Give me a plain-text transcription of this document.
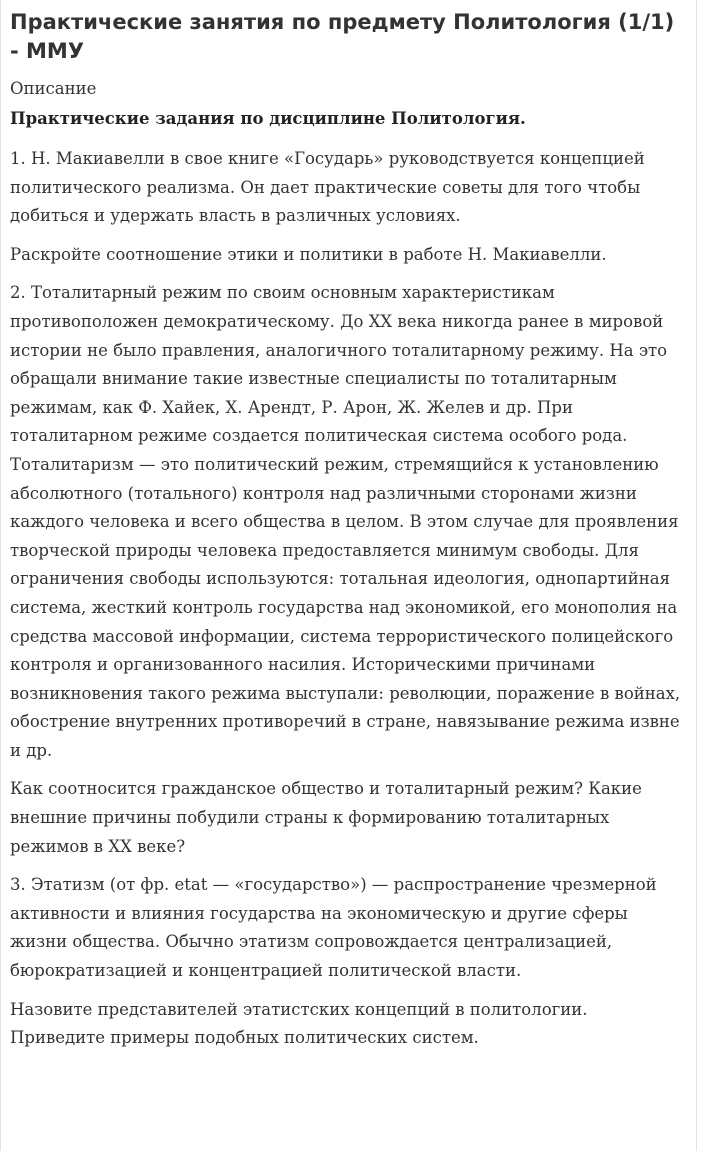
Практические занятия по предмету Политология (1/1) - ММУ
Описание
Практические задания по дисциплине Политология.

1. Н. Макиавелли в свое книге «Государь» руководствуется концепцией политического реализма. Он дает практические советы для того чтобы добиться и удержать власть в различных условиях.

Раскройте соотношение этики и политики в работе Н. Макиавелли.

2. Тоталитарный режим по своим основным характеристикам противоположен демократическому. До XX века никогда ранее в мировой истории не было правления, аналогичного тоталитарному режиму. На это обращали внимание такие известные специалисты по тоталитарным режимам, как Ф. Хайек, Х. Арендт, Р. Арон, Ж. Желев и др. При тоталитарном режиме создается политическая система особого рода. Тоталитаризм — это политический режим, стремящийся к установлению абсолютного (тотального) контроля над различными сторонами жизни каждого человека и всего общества в целом. В этом случае для проявления творческой природы человека предоставляется минимум свободы. Для ограничения свободы используются: тотальная идеология, однопартийная система, жесткий контроль государства над экономикой, его монополия на средства массовой информации, система террористического полицейского контроля и организованного насилия. Историческими причинами возникновения такого режима выступали: революции, поражение в войнах, обострение внутренних противоречий в стране, навязывание режима извне и др.

Как соотносится гражданское общество и тоталитарный режим? Какие внешние причины побудили страны к формированию тоталитарных режимов в XX веке?

3. Этатизм (от фр. etat — «государство») — распространение чрезмерной активности и влияния государства на экономическую и другие сферы жизни общества. Обычно этатизм сопровождается централизацией, бюрократизацией и концентрацией политической власти.

Назовите представителей этатистских концепций в политологии. Приведите примеры подобных политических систем.
